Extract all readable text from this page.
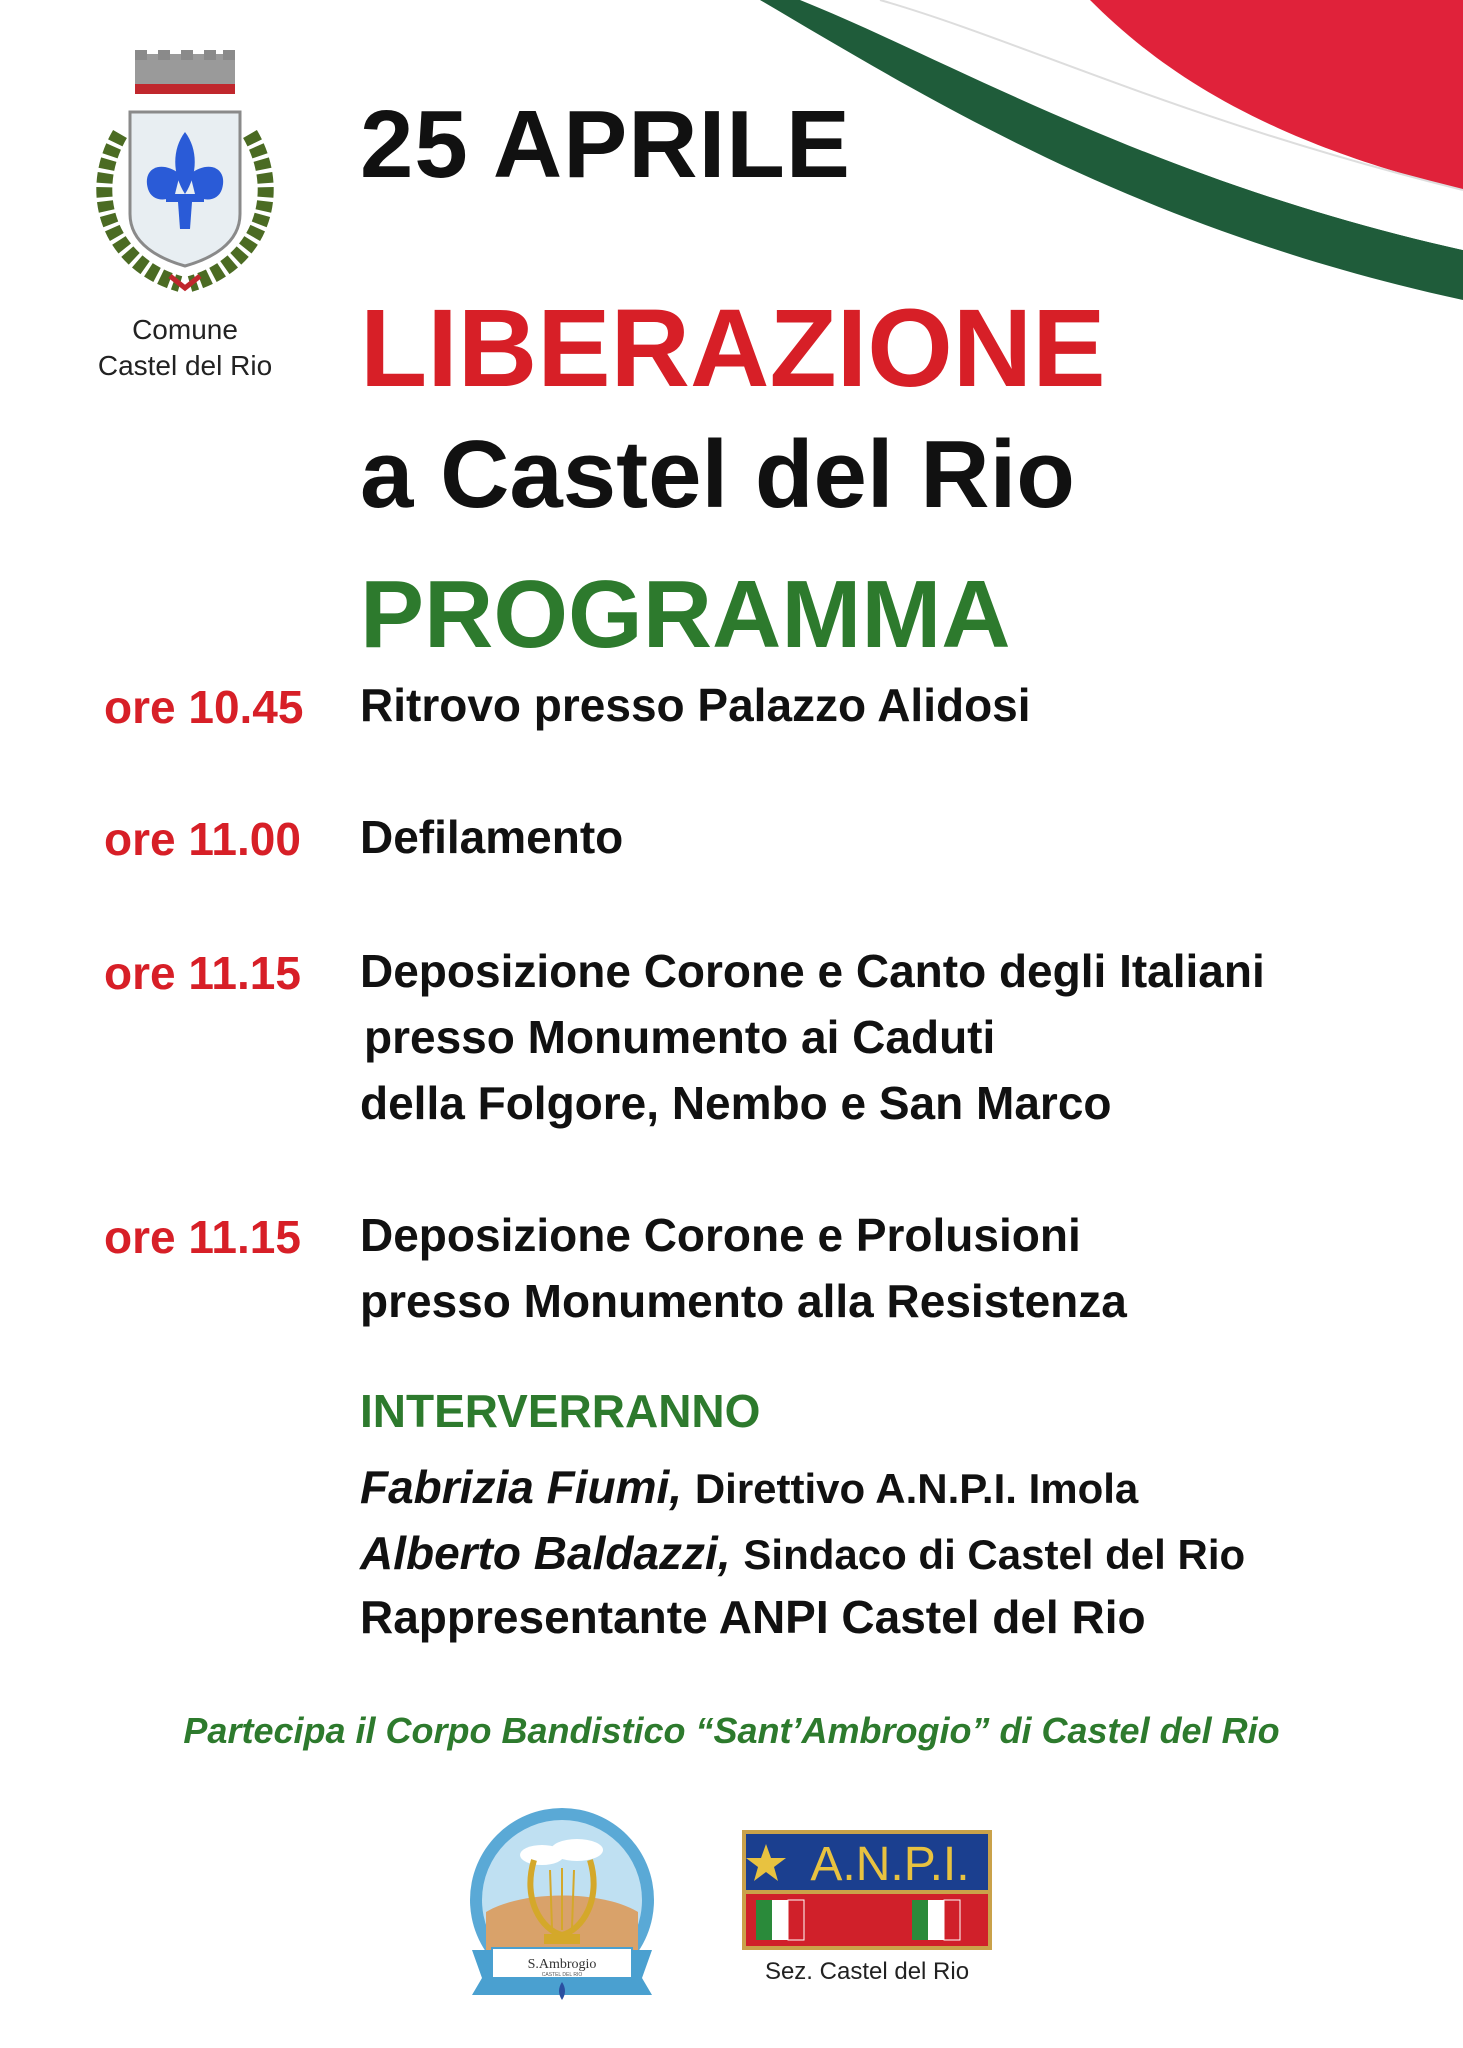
Comune
Castel del Rio
25 APRILE
LIBERAZIONE
a Castel del Rio
PROGRAMMA
ore 10.45 Ritrovo presso Palazzo Alidosi
ore 11.00 Defilamento
ore 11.15 Deposizione Corone e Canto degli Italiani
presso Monumento ai Caduti
della Folgore, Nembo e San Marco
ore 11.15 Deposizione Corone e Prolusioni
presso Monumento alla Resistenza
INTERVERRANNO
Fabrizia Fiumi, Direttivo A.N.P.I. Imola
Alberto Baldazzi, Sindaco di Castel del Rio
Rappresentante ANPI Castel del Rio
Partecipa il Corpo Bandistico “Sant’Ambrogio” di Castel del Rio
S.Ambrogio
CASTEL DEL RIO
A.N.P.I.
Sez. Castel del Rio
